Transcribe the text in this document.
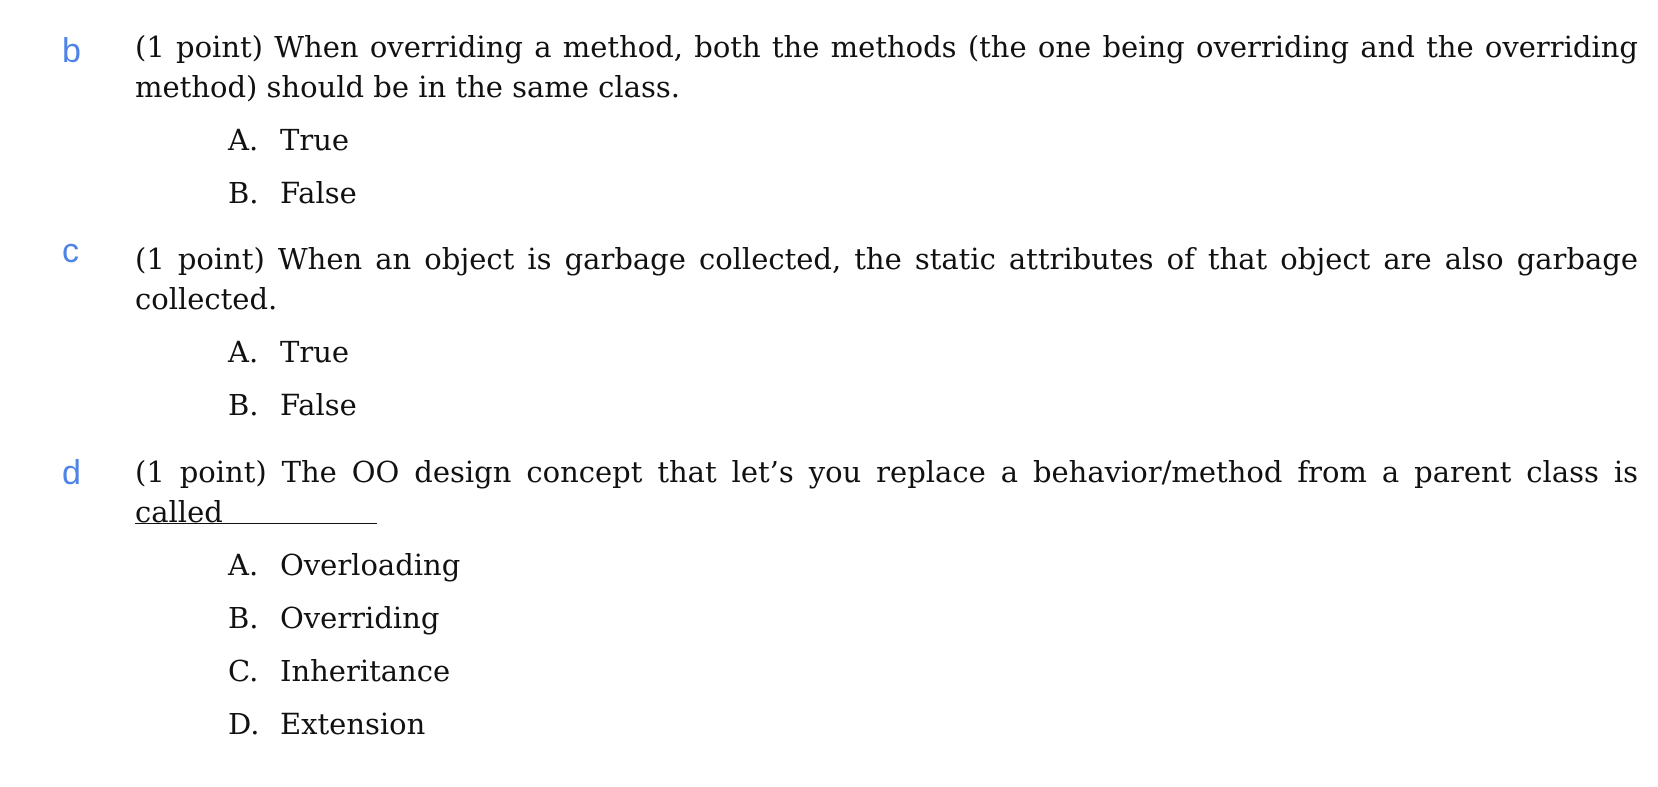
b (1 point) When overriding a method, both the methods (the one being overriding and the overriding method) should be in the same class.
A. True
B. False
c (1 point) When an object is garbage collected, the static attributes of that object are also garbage collected.
A. True
B. False
d (1 point) The OO design concept that let’s you replace a behavior/method from a parent class is called
A. Overloading
B. Overriding
C. Inheritance
D. Extension
